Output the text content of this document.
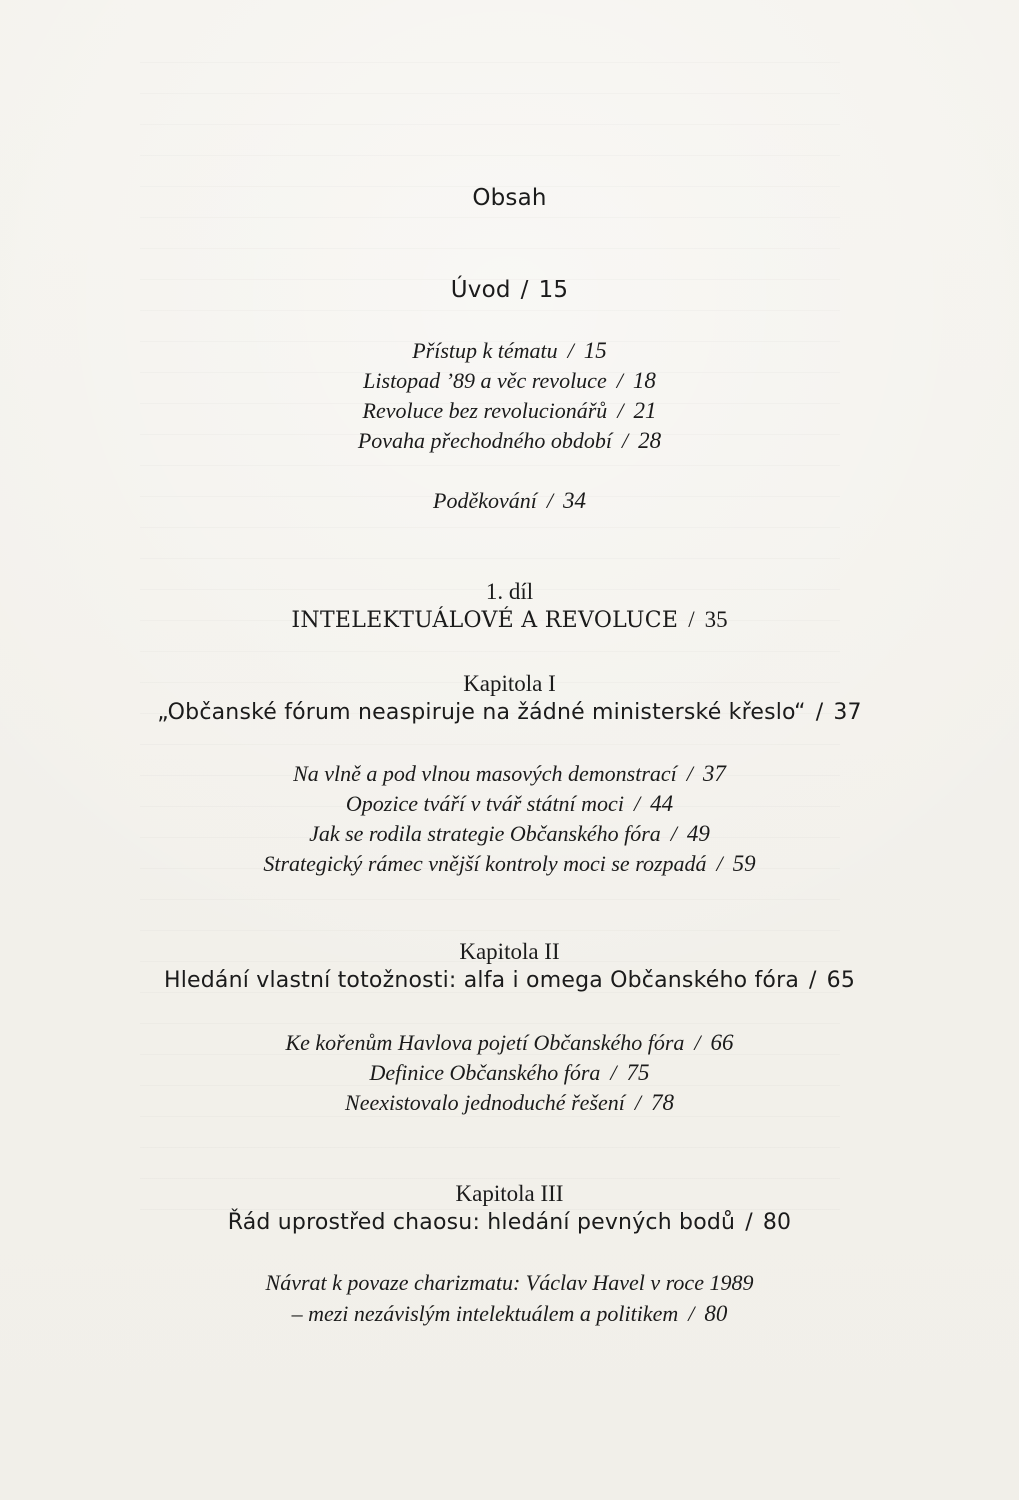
Obsah
Úvod / 15
Přístup k tématu / 15
Listopad ’89 a věc revoluce / 18
Revoluce bez revolucionářů / 21
Povaha přechodného období / 28
Poděkování / 34
1. díl
INTELEKTUÁLOVÉ A REVOLUCE / 35
Kapitola I
„Občanské fórum neaspiruje na žádné ministerské křeslo“ / 37
Na vlně a pod vlnou masových demonstrací / 37
Opozice tváří v tvář státní moci / 44
Jak se rodila strategie Občanského fóra / 49
Strategický rámec vnější kontroly moci se rozpadá / 59
Kapitola II
Hledání vlastní totožnosti: alfa i omega Občanského fóra / 65
Ke kořenům Havlova pojetí Občanského fóra / 66
Definice Občanského fóra / 75
Neexistovalo jednoduché řešení / 78
Kapitola III
Řád uprostřed chaosu: hledání pevných bodů / 80
Návrat k povaze charizmatu: Václav Havel v roce 1989
– mezi nezávislým intelektuálem a politikem / 80
